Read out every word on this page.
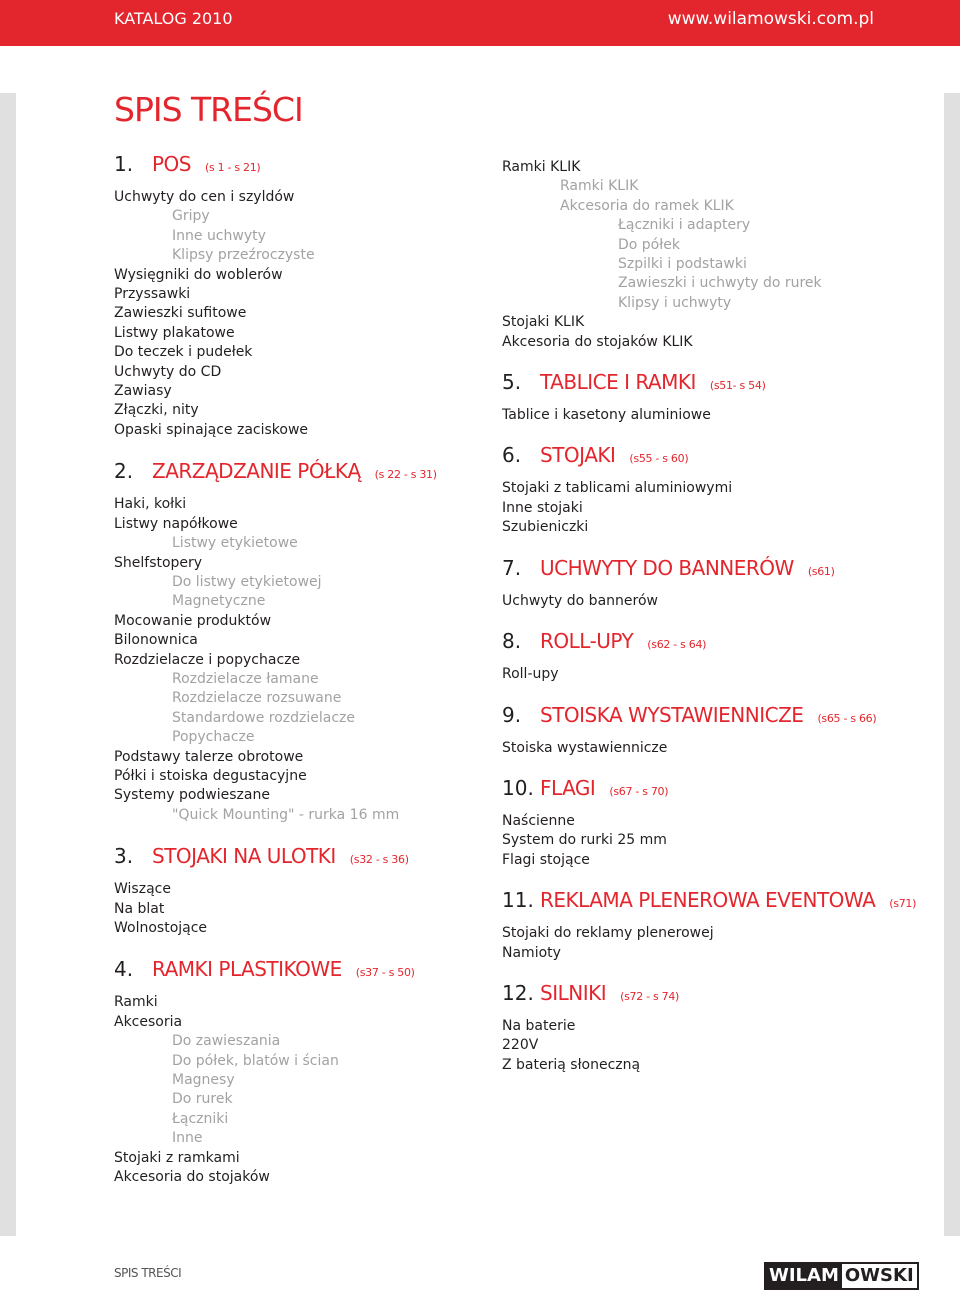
KATALOG 2010	www.wilamowski.com.pl
SPIS TREŚCI
1. POS (s 1 - s 21)
Uchwyty do cen i szyldów
Gripy
Inne uchwyty
Klipsy przeźroczyste
Wysięgniki do woblerów
Przyssawki
Zawieszki sufitowe
Listwy plakatowe
Do teczek i pudełek
Uchwyty do CD
Zawiasy
Złączki, nity
Opaski spinające zaciskowe
2. ZARZĄDZANIE PÓŁKĄ (s 22 - s 31)
Haki, kołki
Listwy napółkowe
Listwy etykietowe
Shelfstopery
Do listwy etykietowej
Magnetyczne
Mocowanie produktów
Bilonownica
Rozdzielacze i popychacze
Rozdzielacze łamane
Rozdzielacze rozsuwane
Standardowe rozdzielacze
Popychacze
Podstawy talerze obrotowe
Półki i stoiska degustacyjne
Systemy podwieszane
"Quick Mounting" - rurka 16 mm
3. STOJAKI NA ULOTKI (s32 - s 36)
Wiszące
Na blat
Wolnostojące
4. RAMKI PLASTIKOWE (s37 - s 50)
Ramki
Akcesoria
Do zawieszania
Do półek, blatów i ścian
Magnesy
Do rurek
Łączniki
Inne
Stojaki z ramkami
Akcesoria do stojaków
Ramki KLIK
Ramki KLIK
Akcesoria do ramek KLIK
Łączniki i adaptery
Do półek
Szpilki i podstawki
Zawieszki i uchwyty do rurek
Klipsy i uchwyty
Stojaki KLIK
Akcesoria do stojaków KLIK
5. TABLICE I RAMKI (s51- s 54)
Tablice i kasetony aluminiowe
6. STOJAKI (s55 - s 60)
Stojaki z tablicami aluminiowymi
Inne stojaki
Szubieniczki
7. UCHWYTY DO BANNERÓW (s61)
Uchwyty do bannerów
8. ROLL-UPY (s62 - s 64)
Roll-upy
9. STOISKA WYSTAWIENNICZE (s65 - s 66)
Stoiska wystawiennicze
10. FLAGI (s67 - s 70)
Naścienne
System do rurki 25 mm
Flagi stojące
11. REKLAMA PLENEROWA EVENTOWA (s71)
Stojaki do reklamy plenerowej
Namioty
12. SILNIKI (s72 - s 74)
Na baterie
220V
Z baterią słoneczną
SPIS TREŚCI	WILAM OWSKI
